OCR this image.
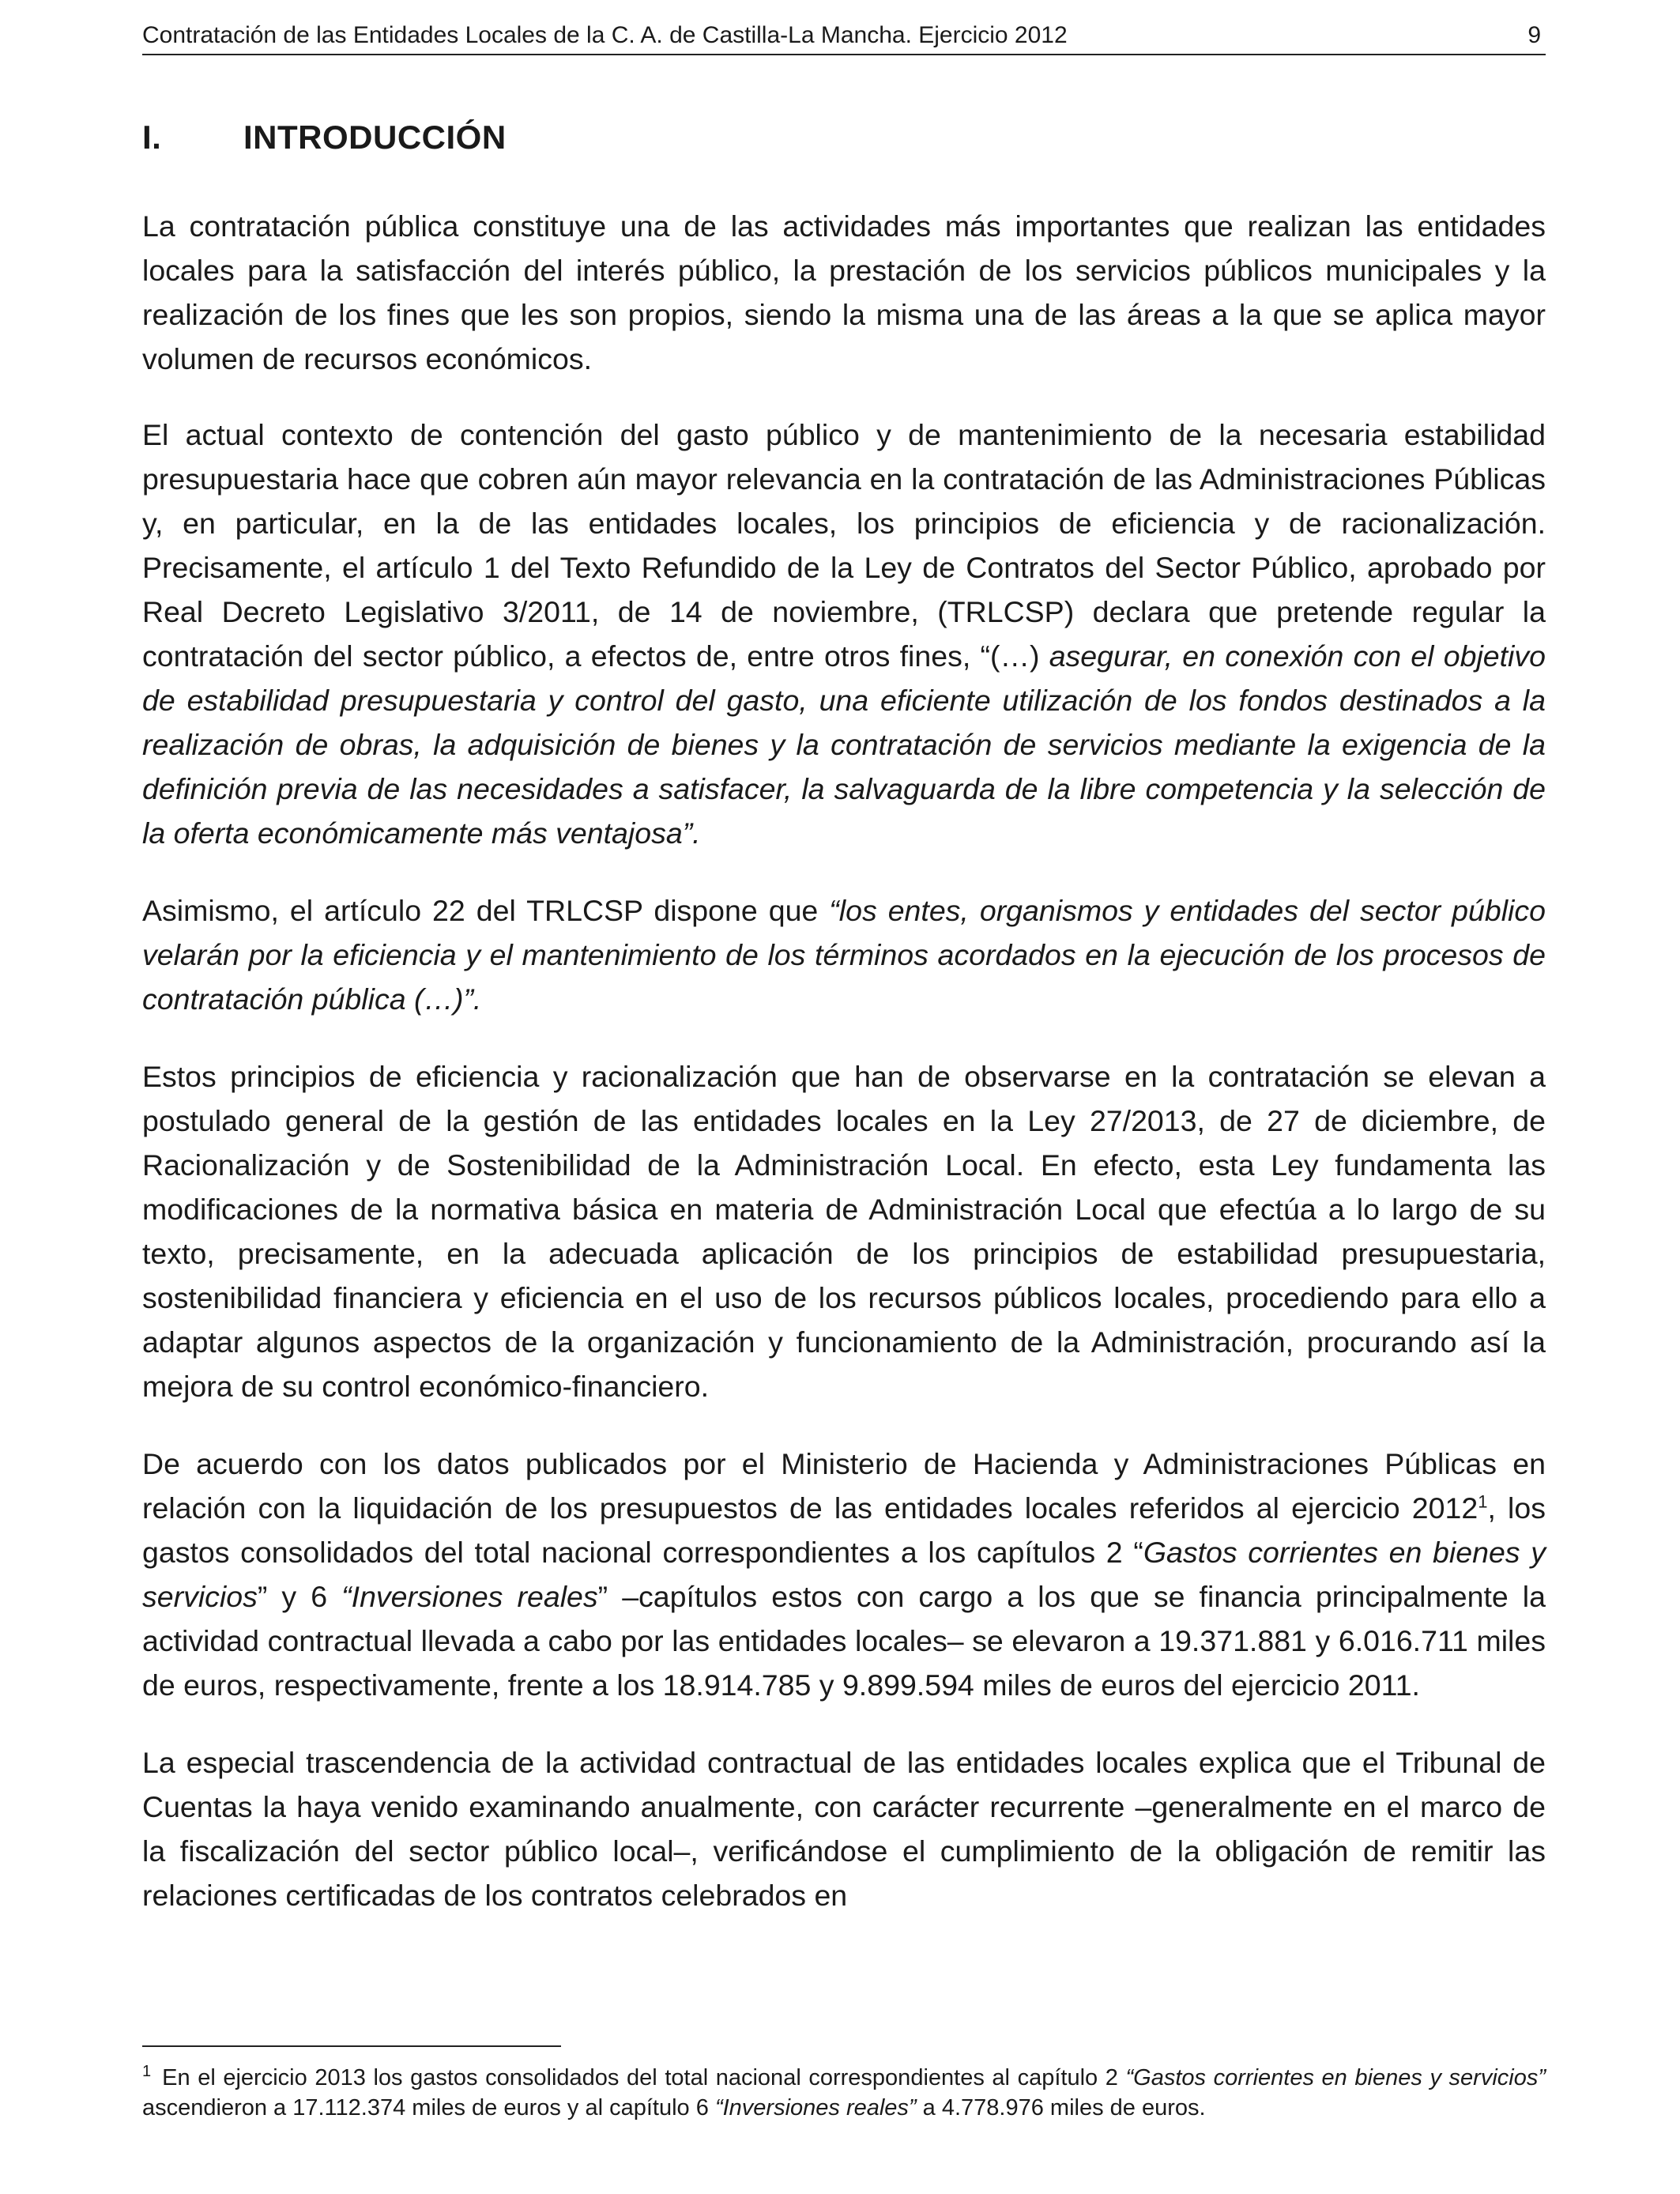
Contratación de las Entidades Locales de la C. A. de Castilla-La Mancha. Ejercicio 2012	9
I. INTRODUCCIÓN

La contratación pública constituye una de las actividades más importantes que realizan las entidades locales para la satisfacción del interés público, la prestación de los servicios públicos municipales y la realización de los fines que les son propios, siendo la misma una de las áreas a la que se aplica mayor volumen de recursos económicos.

El actual contexto de contención del gasto público y de mantenimiento de la necesaria estabilidad presupuestaria hace que cobren aún mayor relevancia en la contratación de las Administraciones Públicas y, en particular, en la de las entidades locales, los principios de eficiencia y de racionalización. Precisamente, el artículo 1 del Texto Refundido de la Ley de Contratos del Sector Público, aprobado por Real Decreto Legislativo 3/2011, de 14 de noviembre, (TRLCSP) declara que pretende regular la contratación del sector público, a efectos de, entre otros fines, “(…) asegurar, en conexión con el objetivo de estabilidad presupuestaria y control del gasto, una eficiente utilización de los fondos destinados a la realización de obras, la adquisición de bienes y la contratación de servicios mediante la exigencia de la definición previa de las necesidades a satisfacer, la salvaguarda de la libre competencia y la selección de la oferta económicamente más ventajosa”.

Asimismo, el artículo 22 del TRLCSP dispone que “los entes, organismos y entidades del sector público velarán por la eficiencia y el mantenimiento de los términos acordados en la ejecución de los procesos de contratación pública (…)”.

Estos principios de eficiencia y racionalización que han de observarse en la contratación se elevan a postulado general de la gestión de las entidades locales en la Ley 27/2013, de 27 de diciembre, de Racionalización y de Sostenibilidad de la Administración Local. En efecto, esta Ley fundamenta las modificaciones de la normativa básica en materia de Administración Local que efectúa a lo largo de su texto, precisamente, en la adecuada aplicación de los principios de estabilidad presupuestaria, sostenibilidad financiera y eficiencia en el uso de los recursos públicos locales, procediendo para ello a adaptar algunos aspectos de la organización y funcionamiento de la Administración, procurando así la mejora de su control económico-financiero.

De acuerdo con los datos publicados por el Ministerio de Hacienda y Administraciones Públicas en relación con la liquidación de los presupuestos de las entidades locales referidos al ejercicio 2012$^1$, los gastos consolidados del total nacional correspondientes a los capítulos 2 “Gastos corrientes en bienes y servicios” y 6 “Inversiones reales” –capítulos estos con cargo a los que se financia principalmente la actividad contractual llevada a cabo por las entidades locales– se elevaron a 19.371.881 y 6.016.711 miles de euros, respectivamente, frente a los 18.914.785 y 9.899.594 miles de euros del ejercicio 2011.

La especial trascendencia de la actividad contractual de las entidades locales explica que el Tribunal de Cuentas la haya venido examinando anualmente, con carácter recurrente –generalmente en el marco de la fiscalización del sector público local–, verificándose el cumplimiento de la obligación de remitir las relaciones certificadas de los contratos celebrados en

$^1$ En el ejercicio 2013 los gastos consolidados del total nacional correspondientes al capítulo 2 “Gastos corrientes en bienes y servicios” ascendieron a 17.112.374 miles de euros y al capítulo 6 “Inversiones reales” a 4.778.976 miles de euros.
